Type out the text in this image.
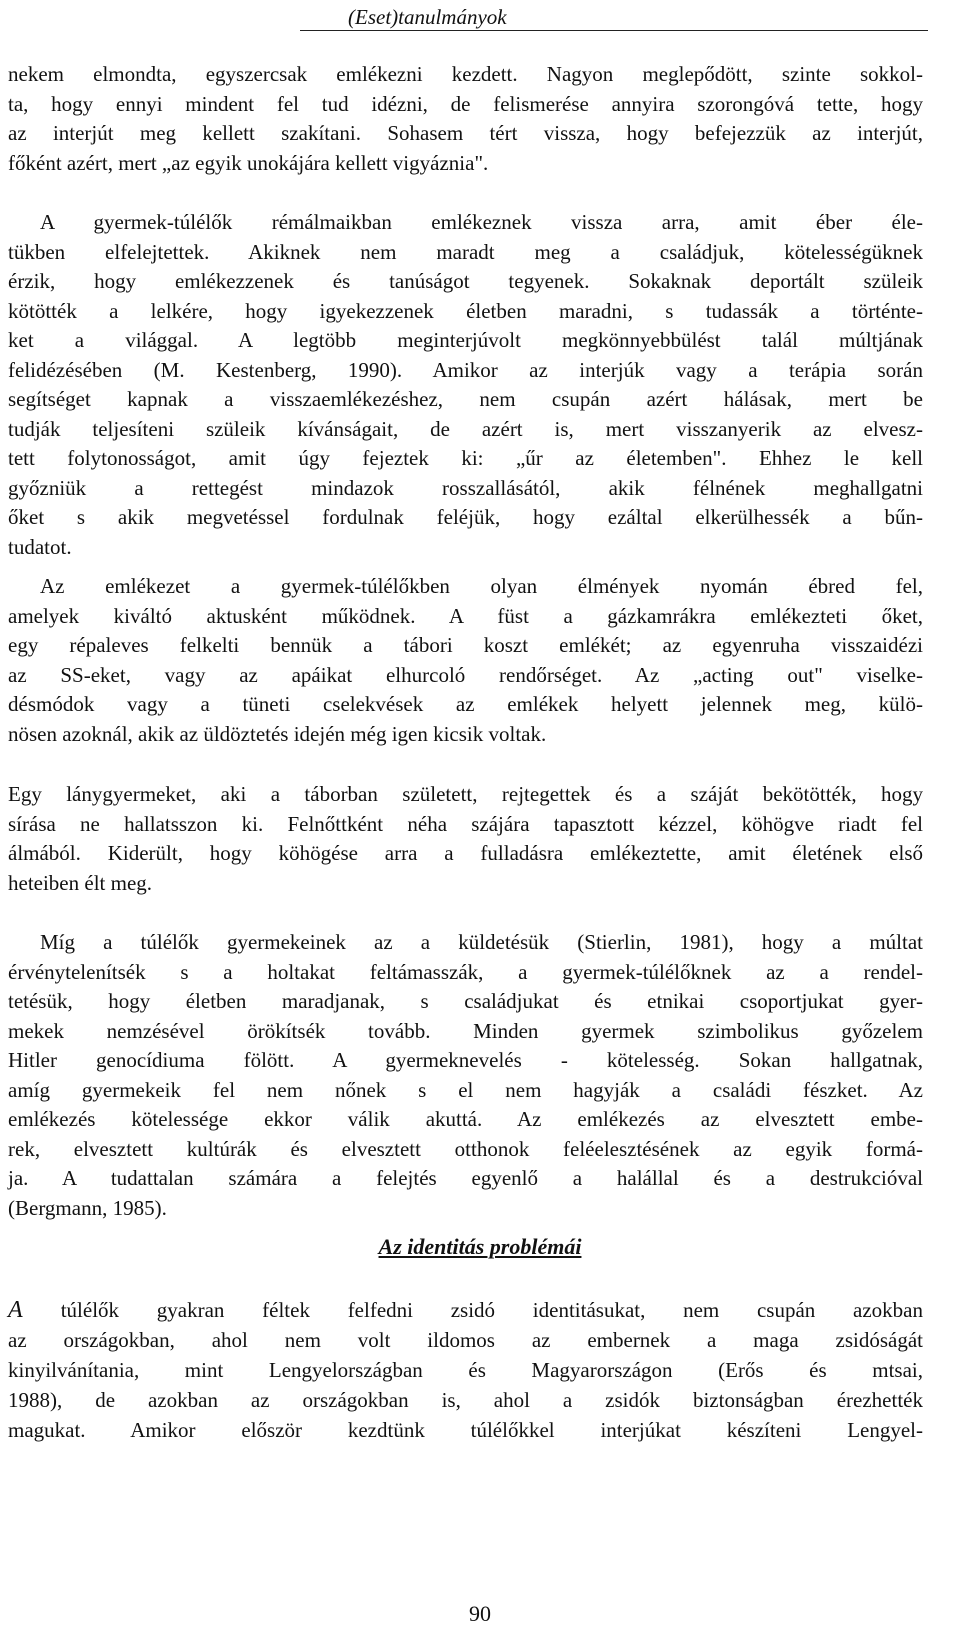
(Eset)tanulmányok
nekem elmondta, egyszercsak emlékezni kezdett. Nagyon meglepődött, szinte sokkol-
ta, hogy ennyi mindent fel tud idézni, de felismerése annyira szorongóvá tette, hogy
az interjút meg kellett szakítani. Sohasem tért vissza, hogy befejezzük az interjút,
főként azért, mert „az egyik unokájára kellett vigyáznia".
A gyermek-túlélők rémálmaikban emlékeznek vissza arra, amit éber éle-
tükben elfelejtettek. Akiknek nem maradt meg a családjuk, kötelességüknek
érzik, hogy emlékezzenek és tanúságot tegyenek. Sokaknak deportált szüleik
kötötték a lelkére, hogy igyekezzenek életben maradni, s tudassák a történte-
ket a világgal. A legtöbb meginterjúvolt megkönnyebbülést talál múltjának
felidézésében (M. Kestenberg, 1990). Amikor az interjúk vagy a terápia során
segítséget kapnak a visszaemlékezéshez, nem csupán azért hálásak, mert be
tudják teljesíteni szüleik kívánságait, de azért is, mert visszanyerik az elvesz-
tett folytonosságot, amit úgy fejeztek ki: „űr az életemben". Ehhez le kell
győzniük a rettegést mindazok rosszallásától, akik félnének meghallgatni
őket s akik megvetéssel fordulnak feléjük, hogy ezáltal elkerülhessék a bűn-
tudatot.
Az emlékezet a gyermek-túlélőkben olyan élmények nyomán ébred fel,
amelyek kiváltó aktusként működnek. A füst a gázkamrákra emlékezteti őket,
egy répaleves felkelti bennük a tábori koszt emlékét; az egyenruha visszaidézi
az SS-eket, vagy az apáikat elhurcoló rendőrséget. Az „acting out" viselke-
désmódok vagy a tüneti cselekvések az emlékek helyett jelennek meg, külö-
nösen azoknál, akik az üldöztetés idején még igen kicsik voltak.
Egy lánygyermeket, aki a táborban született, rejtegettek és a száját bekötötték, hogy
sírása ne hallatsszon ki. Felnőttként néha szájára tapasztott kézzel, köhögve riadt fel
álmából. Kiderült, hogy köhögése arra a fulladásra emlékeztette, amit életének első
heteiben élt meg.
Míg a túlélők gyermekeinek az a küldetésük (Stierlin, 1981), hogy a múltat
érvénytelenítsék s a holtakat feltámasszák, a gyermek-túlélőknek az a rendel-
tetésük, hogy életben maradjanak, s családjukat és etnikai csoportjukat gyer-
mekek nemzésével örökítsék tovább. Minden gyermek szimbolikus győzelem
Hitler genocídiuma fölött. A gyermeknevelés - kötelesség. Sokan hallgatnak,
amíg gyermekeik fel nem nőnek s el nem hagyják a családi fészket. Az
emlékezés kötelessége ekkor válik akuttá. Az emlékezés az elvesztett embe-
rek, elvesztett kultúrák és elvesztett otthonok feléelesztésének az egyik formá-
ja. A tudattalan számára a felejtés egyenlő a halállal és a destrukcióval
(Bergmann, 1985).
Az identitás problémái
A túlélők gyakran féltek felfedni zsidó identitásukat, nem csupán azokban
az országokban, ahol nem volt ildomos az embernek a maga zsidóságát
kinyilvánítania, mint Lengyelországban és Magyarországon (Erős és mtsai,
1988), de azokban az országokban is, ahol a zsidók biztonságban érezhették
magukat. Amikor először kezdtünk túlélőkkel interjúkat készíteni Lengyel-
90
